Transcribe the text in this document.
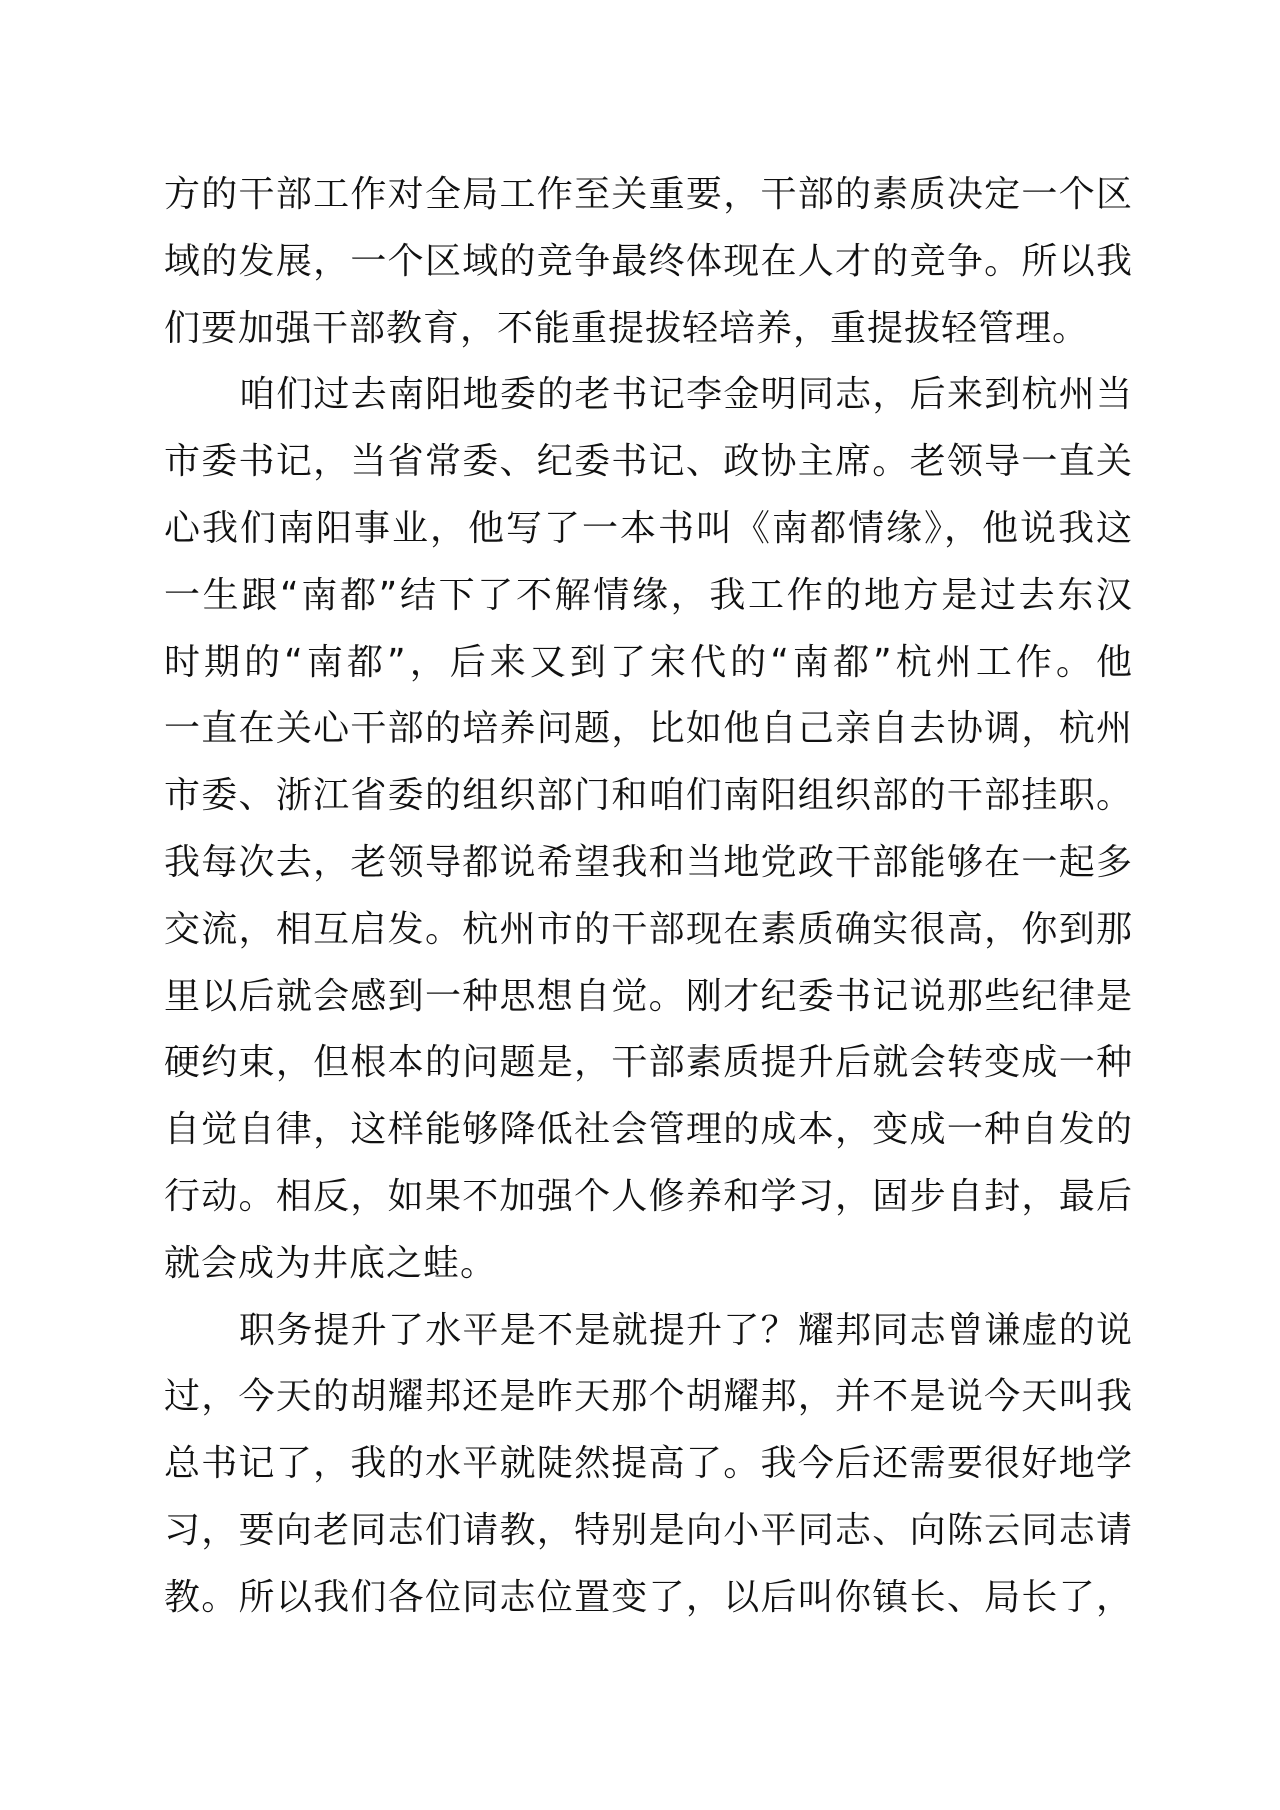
方的干部工作对全局工作至关重要，干部的素质决定一个区
域的发展，一个区域的竞争最终体现在人才的竞争。所以我
们要加强干部教育，不能重提拔轻培养，重提拔轻管理。
咱们过去南阳地委的老书记李金明同志，后来到杭州当
市委书记，当省常委、纪委书记、政协主席。老领导一直关
心我们南阳事业，他写了一本书叫《南都情缘》，他说我这
一生跟“南都”结下了不解情缘，我工作的地方是过去东汉
时期的“南都”，后来又到了宋代的“南都”杭州工作。他
一直在关心干部的培养问题，比如他自己亲自去协调，杭州
市委、浙江省委的组织部门和咱们南阳组织部的干部挂职。
我每次去，老领导都说希望我和当地党政干部能够在一起多
交流，相互启发。杭州市的干部现在素质确实很高，你到那
里以后就会感到一种思想自觉。刚才纪委书记说那些纪律是
硬约束，但根本的问题是，干部素质提升后就会转变成一种
自觉自律，这样能够降低社会管理的成本，变成一种自发的
行动。相反，如果不加强个人修养和学习，固步自封，最后
就会成为井底之蛙。
职务提升了水平是不是就提升了？耀邦同志曾谦虚的说
过，今天的胡耀邦还是昨天那个胡耀邦，并不是说今天叫我
总书记了，我的水平就陡然提高了。我今后还需要很好地学
习，要向老同志们请教，特别是向小平同志、向陈云同志请
教。所以我们各位同志位置变了，以后叫你镇长、局长了，
